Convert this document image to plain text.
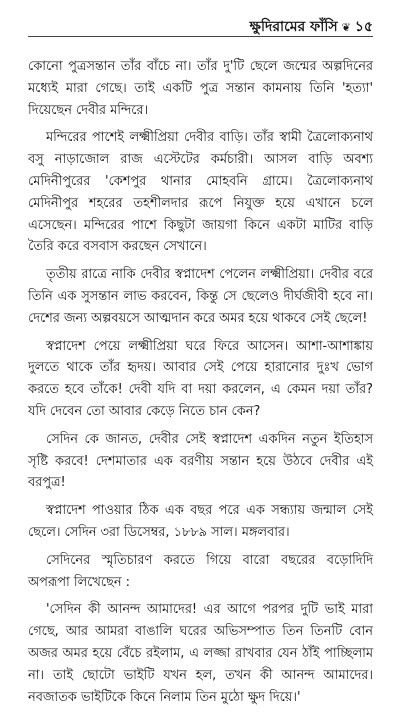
ক্ষুদিরামের ফাঁসি ❦ ১৫

কোনো পুত্রসন্তান তাঁর বাঁচে না। তাঁর দু'টি ছেলে জন্মের অল্পদিনের মধ্যেই মারা গেছে। তাই একটি পুত্র সন্তান কামনায় তিনি 'হত্যা' দিয়েছেন দেবীর মন্দিরে।

মন্দিরের পাশেই লক্ষ্মীপ্রিয়া দেবীর বাড়ি। তাঁর স্বামী ত্রৈলোক্যনাথ বসু নাড়াজোল রাজ এস্টেটের কর্মচারী। আসল বাড়ি অবশ্য মেদিনীপুরের 'কেশপুর থানার মোহবনি গ্রামে। ত্রৈলোক্যনাথ মেদিনীপুর শহরের তহশীলদার রূপে নিযুক্ত হয়ে এখানে চলে এসেছেন। মন্দিরের পাশে কিছুটা জায়গা কিনে একটা মাটির বাড়ি তৈরি করে বসবাস করছেন সেখানে।

তৃতীয় রাত্রে নাকি দেবীর স্বপ্নাদেশ পেলেন লক্ষ্মীপ্রিয়া। দেবীর বরে তিনি এক সুসন্তান লাভ করবেন, কিন্তু সে ছেলেও দীর্ঘজীবী হবে না। দেশের জন্য অল্পবয়সে আত্মদান করে অমর হয়ে থাকবে সেই ছেলে!

স্বপ্নাদেশ পেয়ে লক্ষ্মীপ্রিয়া ঘরে ফিরে আসেন। আশা-আশাঙ্কায় দুলতে থাকে তাঁর হৃদয়। আবার সেই পেয়ে হারানোর দুঃখ ভোগ করতে হবে তাঁকে! দেবী যদি বা দয়া করলেন, এ কেমন দয়া তাঁর? যদি দেবেন তো আবার কেড়ে নিতে চান কেন?

সেদিন কে জানত, দেবীর সেই স্বপ্নাদেশ একদিন নতুন ইতিহাস সৃষ্টি করবে! দেশমাতার এক বরণীয় সন্তান হয়ে উঠবে দেবীর এই বরপুত্র!

স্বপ্নাদেশ পাওয়ার ঠিক এক বছর পরে এক সন্ধ্যায় জন্মাল সেই ছেলে। সেদিন ৩রা ডিসেম্বর, ১৮৮৯ সাল। মঙ্গলবার।

সেদিনের স্মৃতিচারণ করতে গিয়ে বারো বছরের বড়োদিদি অপরূপা লিখেছেন :

'সেদিন কী আনন্দ আমাদের! এর আগে পরপর দুটি ভাই মারা গেছে, আর আমরা বাঙালি ঘরের অভিসম্পাত তিন তিনটি বোন অজর অমর হয়ে বেঁচে রইলাম, এ লজ্জা রাখবার যেন ঠাঁই পাচ্ছিলাম না। তাই ছোটো ভাইটি যখন হল, তখন কী আনন্দ আমাদের। নবজাতক ভাইটিকে কিনে নিলাম তিন মুঠো ক্ষুদ দিয়ে।'
